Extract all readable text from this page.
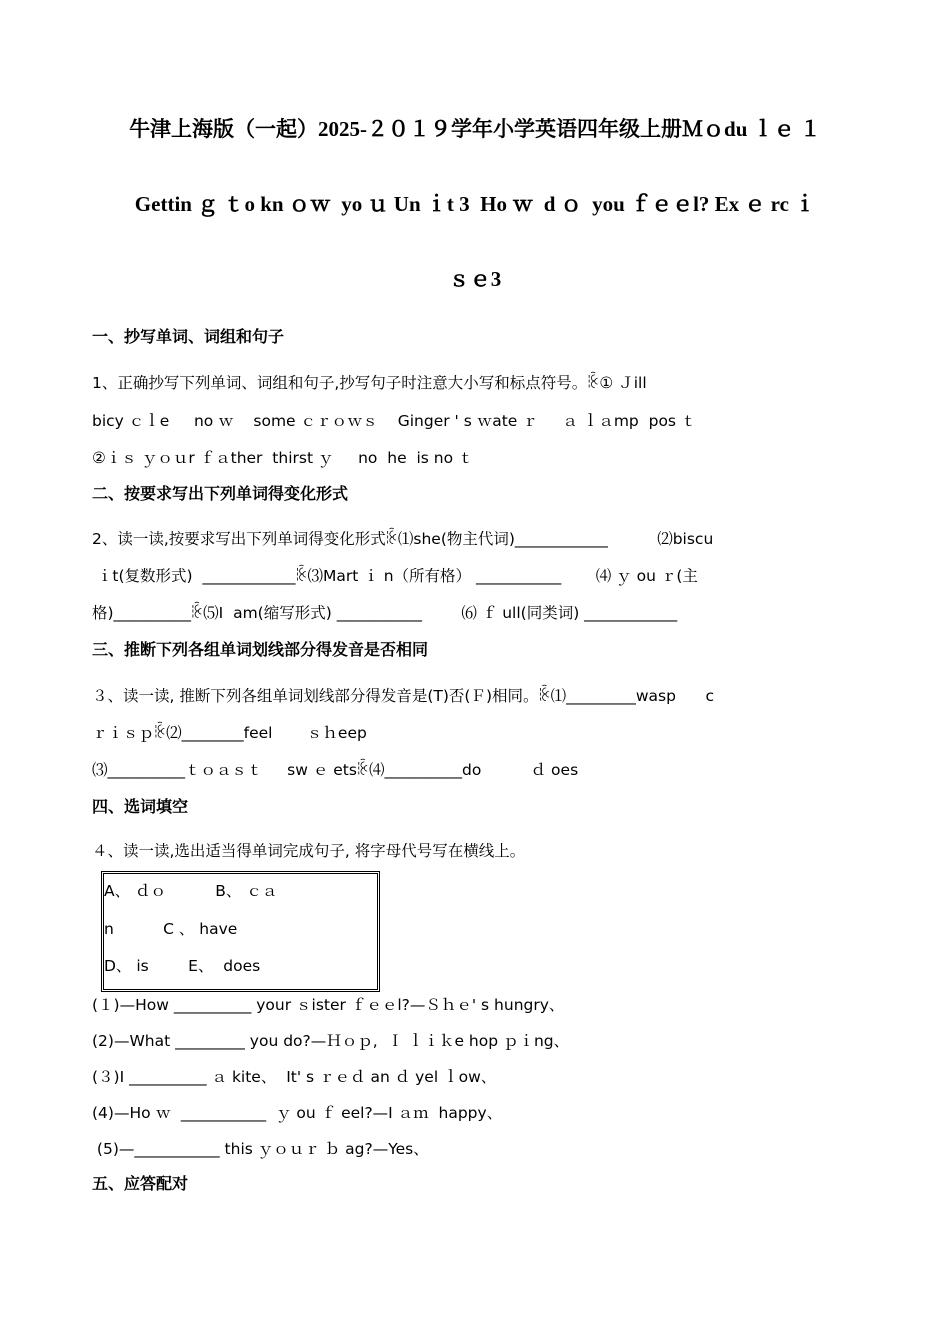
牛津上海版（一起）2025-２０１９学年小学英语四年级上册Ｍｏdu ｌｅ １
Gettin ｇ ｔo kn ｏｗ  yo ｕ Un ｉt 3  Ho ｗ  d ｏ  you ｆｅｅl? Ex ｅ rc ｉ
ｓｅ3
一、抄写单词、词组和句子
1、正确抄写下列单词、词组和句子,抄写句子时注意大小写和标点符号。ꊬ① Ｊill
bicy ｃｌe     no ｗ    some ｃｒｏｗｓ    Ginger ' s ｗate ｒ     ａ ｌａmp  pos ｔ
②ｉｓ ｙｏｕr ｆａther  thirst ｙ     no  he  is no ｔ
二、按要求写出下列单词得变化形式
2、读一读,按要求写出下列单词得变化形式ꊬ⑴she(物主代词)____________          ⑵biscu
ｉt(复数形式)  ____________ꊬ⑶Mart ｉ n（所有格） ___________       ⑷ ｙ ou ｒ(主
格)__________ꊬ⑸I  am(缩写形式) ___________        ⑹ ｆ ull(同类词) ____________
三、推断下列各组单词划线部分得发音是否相同
３、读一读, 推断下列各组单词划线部分得发音是(T)否(Ｆ)相同。ꊬ⑴_________wasp      c
ｒｉｓｐꊬ⑵________feel       ｓｈeep
⑶__________ｔｏａｓｔ     sw ｅ etsꊬ⑷__________do          ｄ oes
四、选词填空
４、读一读,选出适当得单词完成句子, 将字母代号写在横线上。
A、 ｄｏ          B、 ｃａ
n          C 、 have
D、 is        E、  does
(１)—How __________ your ｓister ｆｅｅl?—Ｓｈｅ' s hungry、
(2)—What _________ you do?—Ｈｏｐ,  Ｉ ｌｉｋe hop ｐｉng、
(３)I __________ ａ kite、  It' s ｒｅｄ an ｄ yel ｌow、
(4)—Ho ｗ  ___________  ｙ ou ｆ eel?—I ａｍ  happy、
(5)—___________ this ｙｏｕｒ ｂ ag?—Yes、
五、应答配对
